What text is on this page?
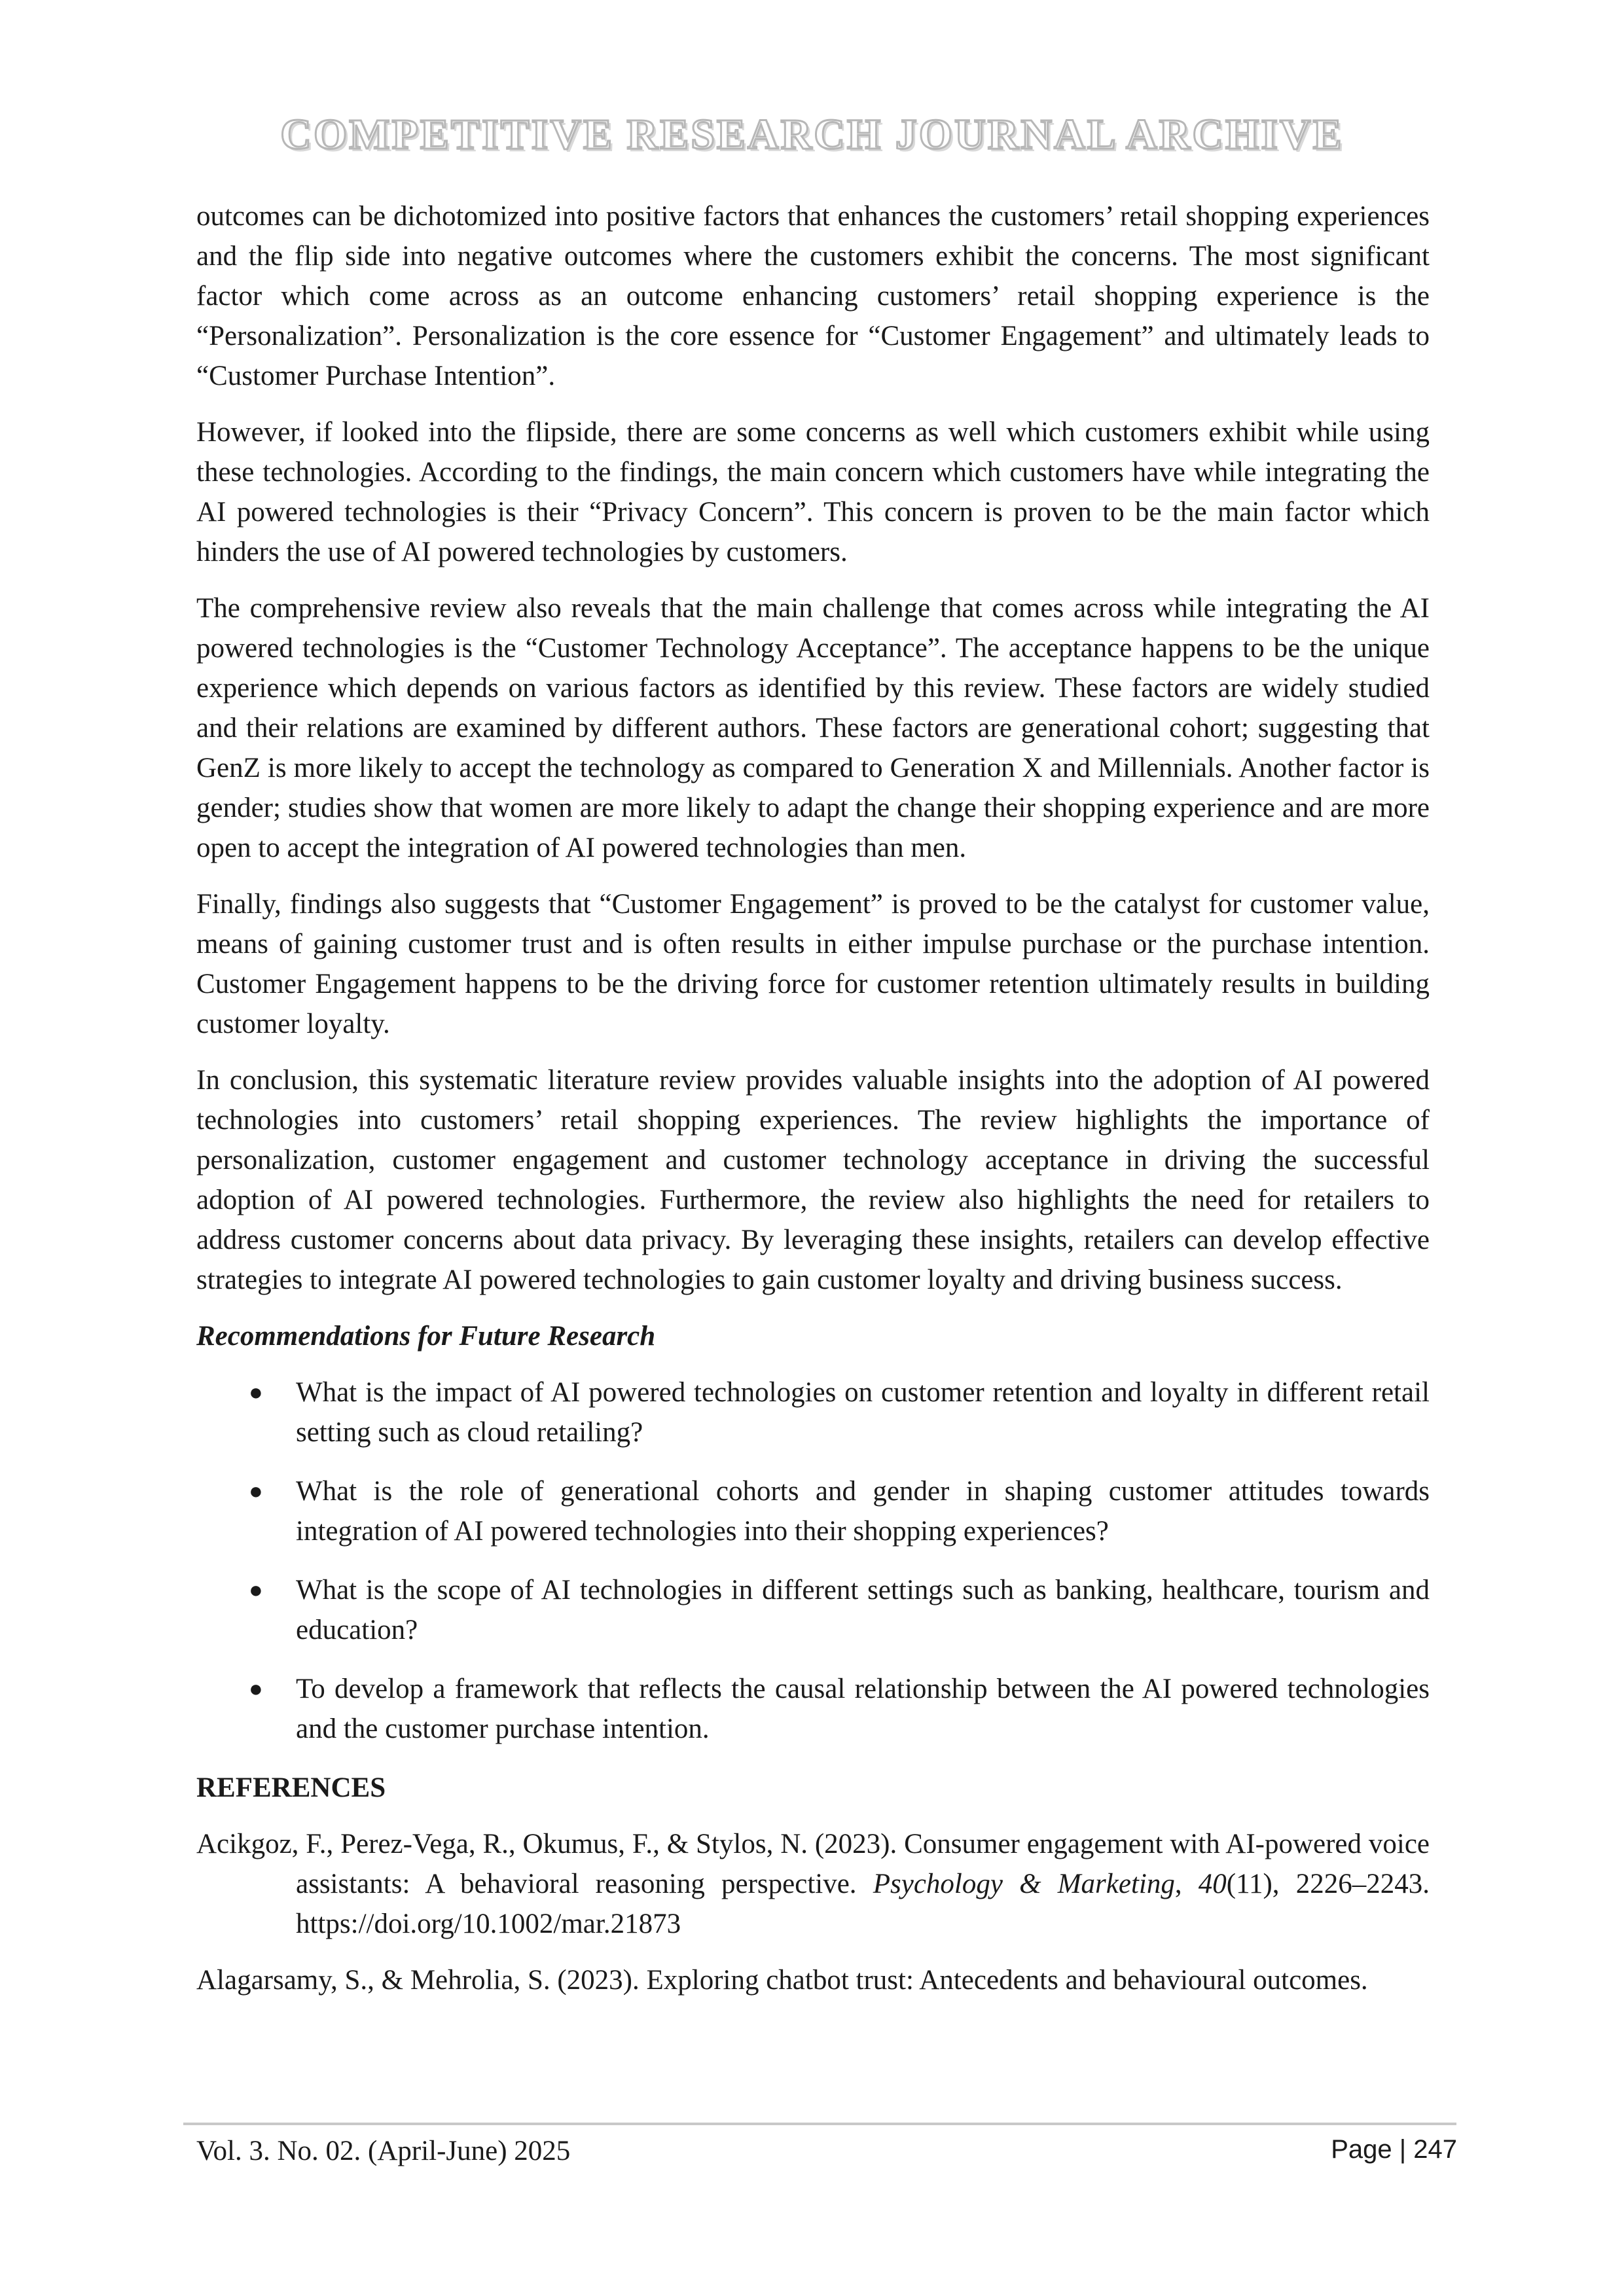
COMPETITIVE RESEARCH JOURNAL ARCHIVE

outcomes can be dichotomized into positive factors that enhances the customers’ retail shopping experiences and the flip side into negative outcomes where the customers exhibit the concerns. The most significant factor which come across as an outcome enhancing customers’ retail shopping experience is the “Personalization”. Personalization is the core essence for “Customer Engagement” and ultimately leads to “Customer Purchase Intention”.

However, if looked into the flipside, there are some concerns as well which customers exhibit while using these technologies. According to the findings, the main concern which customers have while integrating the AI powered technologies is their “Privacy Concern”. This concern is proven to be the main factor which hinders the use of AI powered technologies by customers.

The comprehensive review also reveals that the main challenge that comes across while integrating the AI powered technologies is the “Customer Technology Acceptance”. The acceptance happens to be the unique experience which depends on various factors as identified by this review. These factors are widely studied and their relations are examined by different authors. These factors are generational cohort; suggesting that GenZ is more likely to accept the technology as compared to Generation X and Millennials. Another factor is gender; studies show that women are more likely to adapt the change their shopping experience and are more open to accept the integration of AI powered technologies than men.

Finally, findings also suggests that “Customer Engagement” is proved to be the catalyst for customer value, means of gaining customer trust and is often results in either impulse purchase or the purchase intention. Customer Engagement happens to be the driving force for customer retention ultimately results in building customer loyalty.

In conclusion, this systematic literature review provides valuable insights into the adoption of AI powered technologies into customers’ retail shopping experiences. The review highlights the importance of personalization, customer engagement and customer technology acceptance in driving the successful adoption of AI powered technologies. Furthermore, the review also highlights the need for retailers to address customer concerns about data privacy. By leveraging these insights, retailers can develop effective strategies to integrate AI powered technologies to gain customer loyalty and driving business success.

Recommendations for Future Research
● What is the impact of AI powered technologies on customer retention and loyalty in different retail setting such as cloud retailing?
● What is the role of generational cohorts and gender in shaping customer attitudes towards integration of AI powered technologies into their shopping experiences?
● What is the scope of AI technologies in different settings such as banking, healthcare, tourism and education?
● To develop a framework that reflects the causal relationship between the AI powered technologies and the customer purchase intention.
REFERENCES

Acikgoz, F., Perez-Vega, R., Okumus, F., & Stylos, N. (2023). Consumer engagement with AI-powered voice assistants: A behavioral reasoning perspective. Psychology & Marketing, 40(11), 2226–2243. https://doi.org/10.1002/mar.21873

Alagarsamy, S., & Mehrolia, S. (2023). Exploring chatbot trust: Antecedents and behavioural outcomes.

Vol. 3. No. 02. (April-June) 2025	Page | 247
